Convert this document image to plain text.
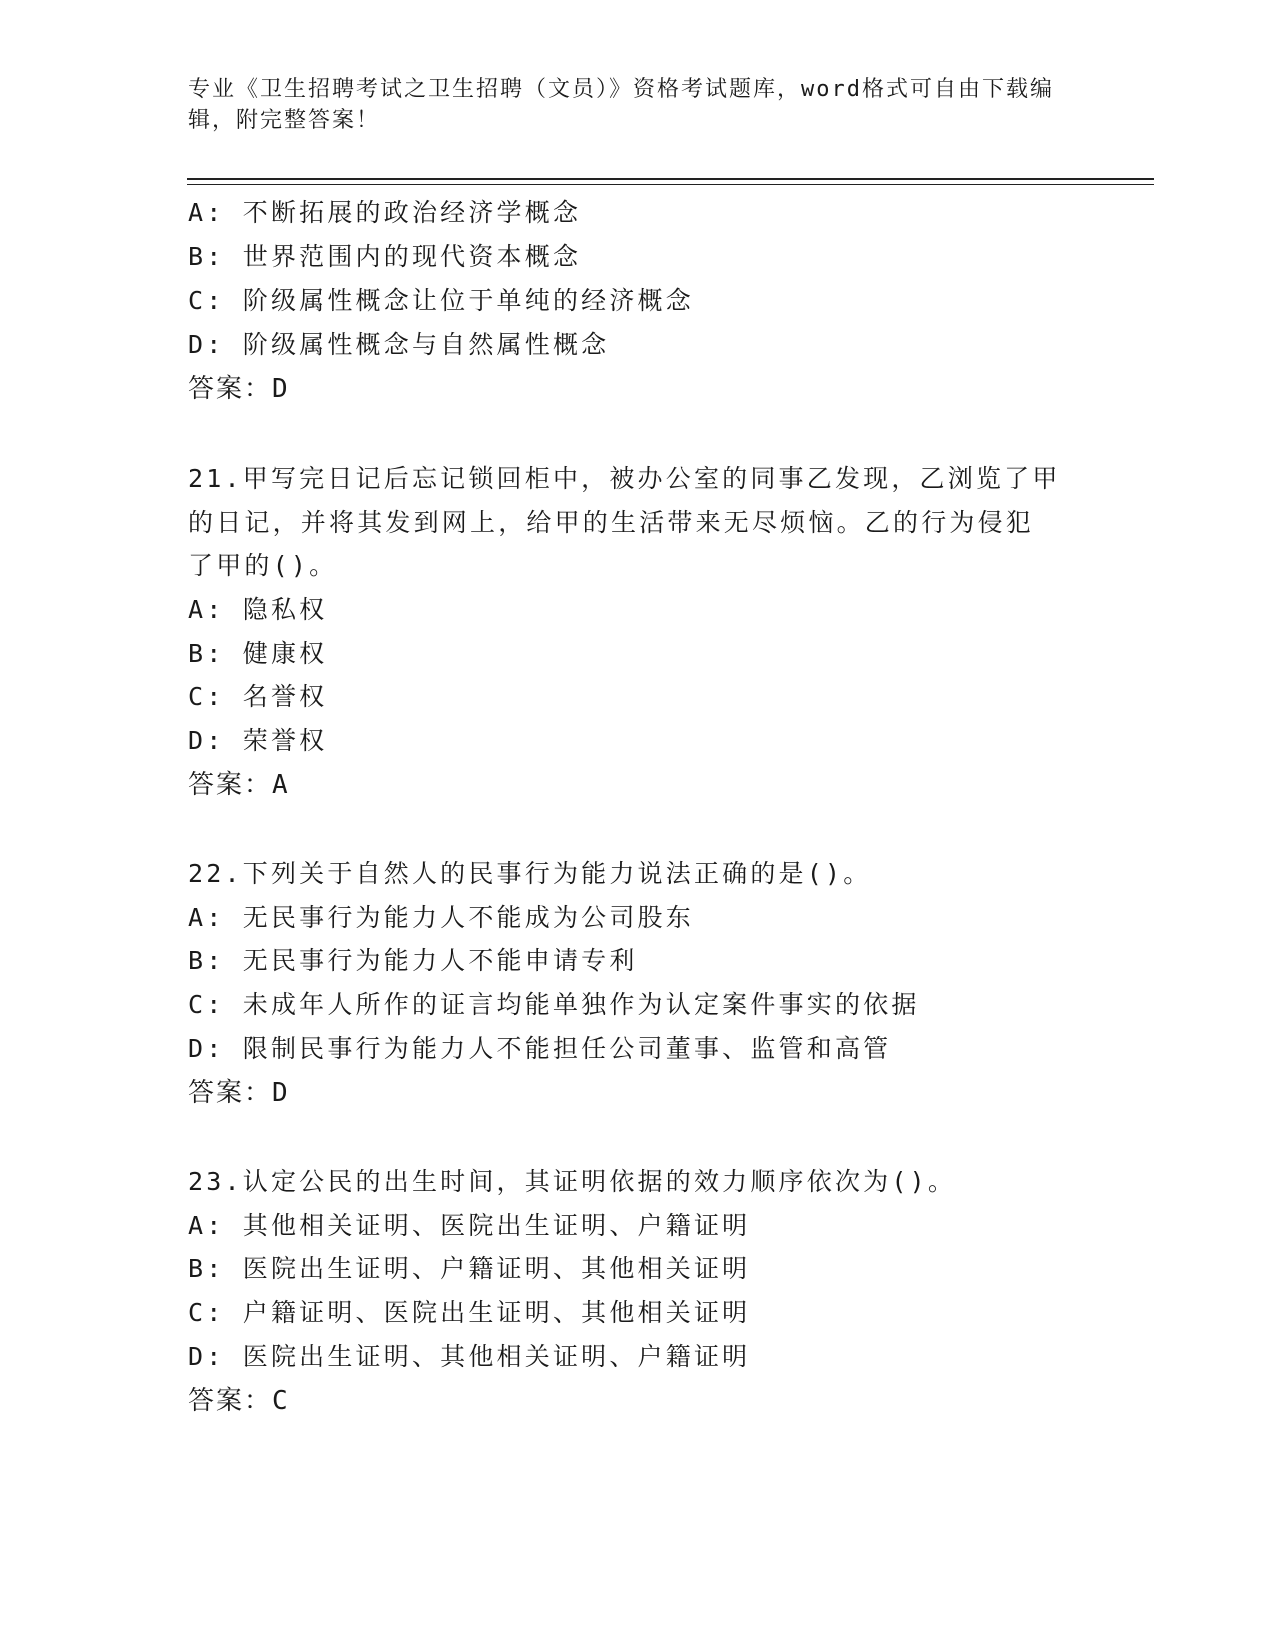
专业《卫生招聘考试之卫生招聘（文员）》资格考试题库，word格式可自由下载编辑，附完整答案！
A: 不断拓展的政治经济学概念
B: 世界范围内的现代资本概念
C: 阶级属性概念让位于单纯的经济概念
D: 阶级属性概念与自然属性概念
答案：D
21.甲写完日记后忘记锁回柜中，被办公室的同事乙发现，乙浏览了甲
的日记，并将其发到网上，给甲的生活带来无尽烦恼。乙的行为侵犯
了甲的()。
A: 隐私权
B: 健康权
C: 名誉权
D: 荣誉权
答案：A
22.下列关于自然人的民事行为能力说法正确的是()。
A: 无民事行为能力人不能成为公司股东
B: 无民事行为能力人不能申请专利
C: 未成年人所作的证言均能单独作为认定案件事实的依据
D: 限制民事行为能力人不能担任公司董事、监管和高管
答案：D
23.认定公民的出生时间，其证明依据的效力顺序依次为()。
A: 其他相关证明、医院出生证明、户籍证明
B: 医院出生证明、户籍证明、其他相关证明
C: 户籍证明、医院出生证明、其他相关证明
D: 医院出生证明、其他相关证明、户籍证明
答案：C
